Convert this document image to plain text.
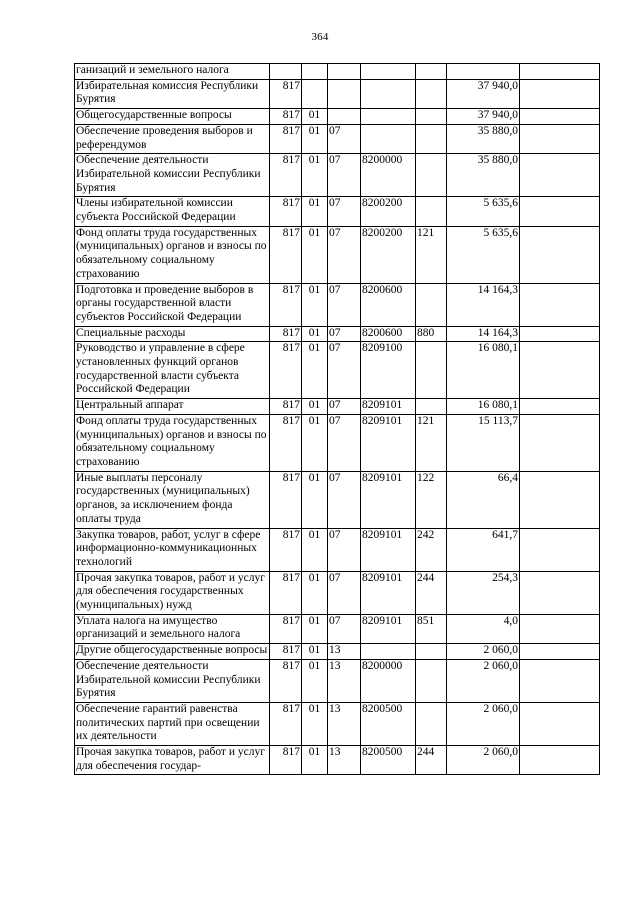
364
ганизаций и земельного налога							
Избирательная комиссия Республики Бурятия	817					37 940,0	
Общегосударственные вопросы	817	01				37 940,0	
Обеспечение проведения выборов и референдумов	817	01	07			35 880,0	
Обеспечение деятельности Избирательной комиссии Республики Бурятия	817	01	07	8200000		35 880,0	
Члены избирательной комиссии субъекта Российской Федерации	817	01	07	8200200		5 635,6	
Фонд оплаты труда государственных (муниципальных) органов и взносы по обязательному социальному страхованию	817	01	07	8200200	121	5 635,6	
Подготовка и проведение выборов в органы государственной власти субъектов Российской Федерации	817	01	07	8200600		14 164,3	
Специальные расходы	817	01	07	8200600	880	14 164,3	
Руководство и управление в сфере установленных функций органов государственной власти субъекта Российской Федерации	817	01	07	8209100		16 080,1	
Центральный аппарат	817	01	07	8209101		16 080,1	
Фонд оплаты труда государственных (муниципальных) органов и взносы по обязательному социальному страхованию	817	01	07	8209101	121	15 113,7	
Иные выплаты персоналу государственных (муниципальных) органов, за исключением фонда оплаты труда	817	01	07	8209101	122	66,4	
Закупка товаров, работ, услуг в сфере информационно-коммуникационных технологий	817	01	07	8209101	242	641,7	
Прочая закупка товаров, работ и услуг для обеспечения государственных (муниципальных) нужд	817	01	07	8209101	244	254,3	
Уплата налога на имущество организаций и земельного налога	817	01	07	8209101	851	4,0	
Другие общегосударственные вопросы	817	01	13			2 060,0	
Обеспечение деятельности Избирательной комиссии Республики Бурятия	817	01	13	8200000		2 060,0	
Обеспечение гарантий равенства политических партий при освещении их деятельности	817	01	13	8200500		2 060,0	
Прочая закупка товаров, работ и услуг для обеспечения государ-	817	01	13	8200500	244	2 060,0	
